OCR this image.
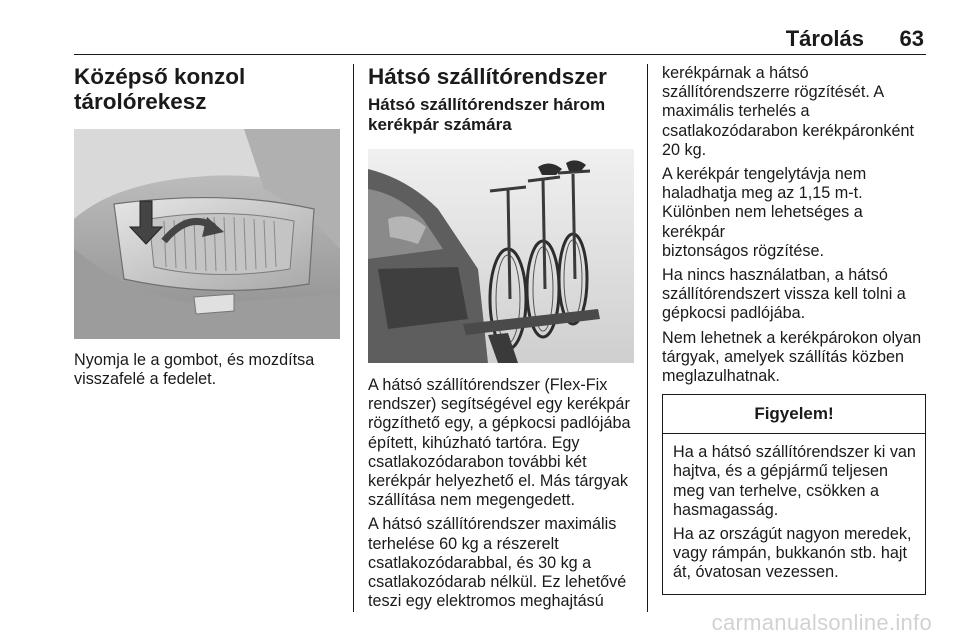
Tárolás 63
Középső konzol
tárolórekesz

Nyomja le a gombot, és mozdítsa
visszafelé a fedelet.

Hátsó szállítórendszer
Hátsó szállítórendszer három
kerékpár számára

A hátsó szállítórendszer (Flex-Fix
rendszer) segítségével egy kerékpár
rögzíthető egy, a gépkocsi padlójába
épített, kihúzható tartóra. Egy
csatlakozódarabon további két
kerékpár helyezhető el. Más tárgyak
szállítása nem megengedett.

A hátsó szállítórendszer maximális
terhelése 60 kg a részerelt
csatlakozódarabbal, és 30 kg a
csatlakozódarab nélkül. Ez lehetővé
teszi egy elektromos meghajtású

kerékpárnak a hátsó
szállítórendszerre rögzítését. A
maximális terhelés a
csatlakozódarabon kerékpáronként
20 kg.

A kerékpár tengelytávja nem
haladhatja meg az 1,15 m-t.
Különben nem lehetséges a kerékpár
biztonságos rögzítése.

Ha nincs használatban, a hátsó
szállítórendszert vissza kell tolni a
gépkocsi padlójába.

Nem lehetnek a kerékpárokon olyan
tárgyak, amelyek szállítás közben
meglazulhatnak.

Figyelem!

Ha a hátsó szállítórendszer ki van
hajtva, és a gépjármű teljesen
meg van terhelve, csökken a
hasmagasság.

Ha az országút nagyon meredek,
vagy rámpán, bukkanón stb. hajt
át, óvatosan vezessen.

carmanualsonline.info
